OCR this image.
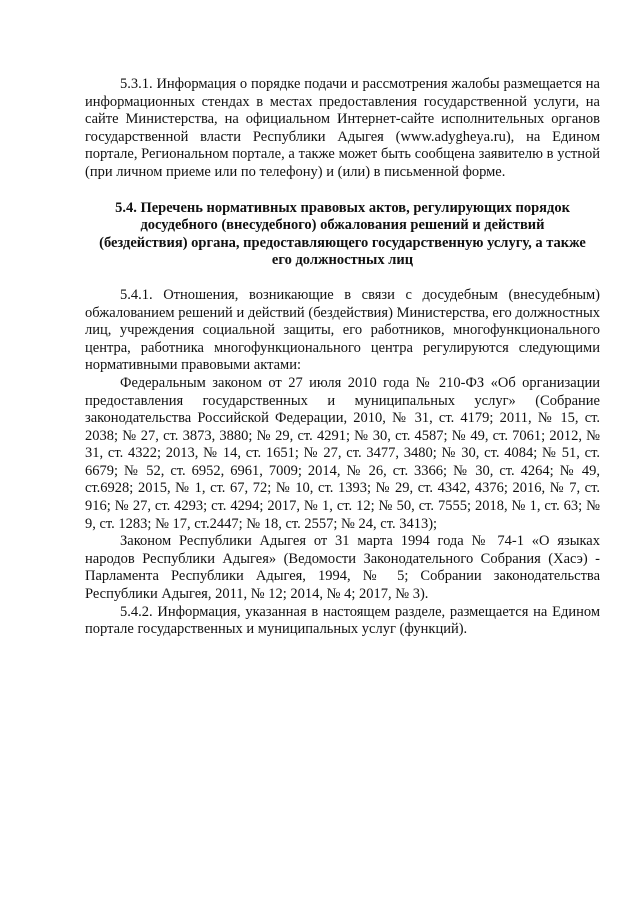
5.3.1. Информация о порядке подачи и рассмотрения жалобы размещается на информационных стендах в местах предоставления государственной услуги, на сайте Министерства, на официальном Интернет-сайте исполнительных органов государственной власти Республики Адыгея (www.adygheya.ru), на Едином портале, Региональном портале, а также может быть сообщена заявителю в устной (при личном приеме или по телефону) и (или) в письменной форме.

5.4. Перечень нормативных правовых актов, регулирующих порядок досудебного (внесудебного) обжалования решений и действий (бездействия) органа, предоставляющего государственную услугу, а также его должностных лиц

5.4.1. Отношения, возникающие в связи с досудебным (внесудебным) обжалованием решений и действий (бездействия) Министерства, его должностных лиц, учреждения социальной защиты, его работников, многофункционального центра, работника многофункционального центра регулируются следующими нормативными правовыми актами:

Федеральным законом от 27 июля 2010 года № 210-ФЗ «Об организации предоставления государственных и муниципальных услуг» (Собрание законодательства Российской Федерации, 2010, № 31, ст. 4179; 2011, № 15, ст. 2038; № 27, ст. 3873, 3880; № 29, ст. 4291; № 30, ст. 4587; № 49, ст. 7061; 2012, № 31, ст. 4322; 2013, № 14, ст. 1651; № 27, ст. 3477, 3480; № 30, ст. 4084; № 51, ст. 6679; № 52, ст. 6952, 6961, 7009; 2014, № 26, ст. 3366; № 30, ст. 4264; № 49, ст.6928; 2015, № 1, ст. 67, 72; № 10, ст. 1393; № 29, ст. 4342, 4376; 2016, № 7, ст. 916; № 27, ст. 4293; ст. 4294; 2017, № 1, ст. 12; № 50, ст. 7555; 2018, № 1, ст. 63; № 9, ст. 1283; № 17, ст.2447; № 18, ст. 2557; № 24, ст. 3413);

Законом Республики Адыгея от 31 марта 1994 года № 74-1 «О языках народов Республики Адыгея» (Ведомости Законодательного Собрания (Хасэ) - Парламента Республики Адыгея, 1994, № 5; Собрании законодательства Республики Адыгея, 2011, № 12; 2014, № 4; 2017, № 3).

5.4.2. Информация, указанная в настоящем разделе, размещается на Едином портале государственных и муниципальных услуг (функций).
